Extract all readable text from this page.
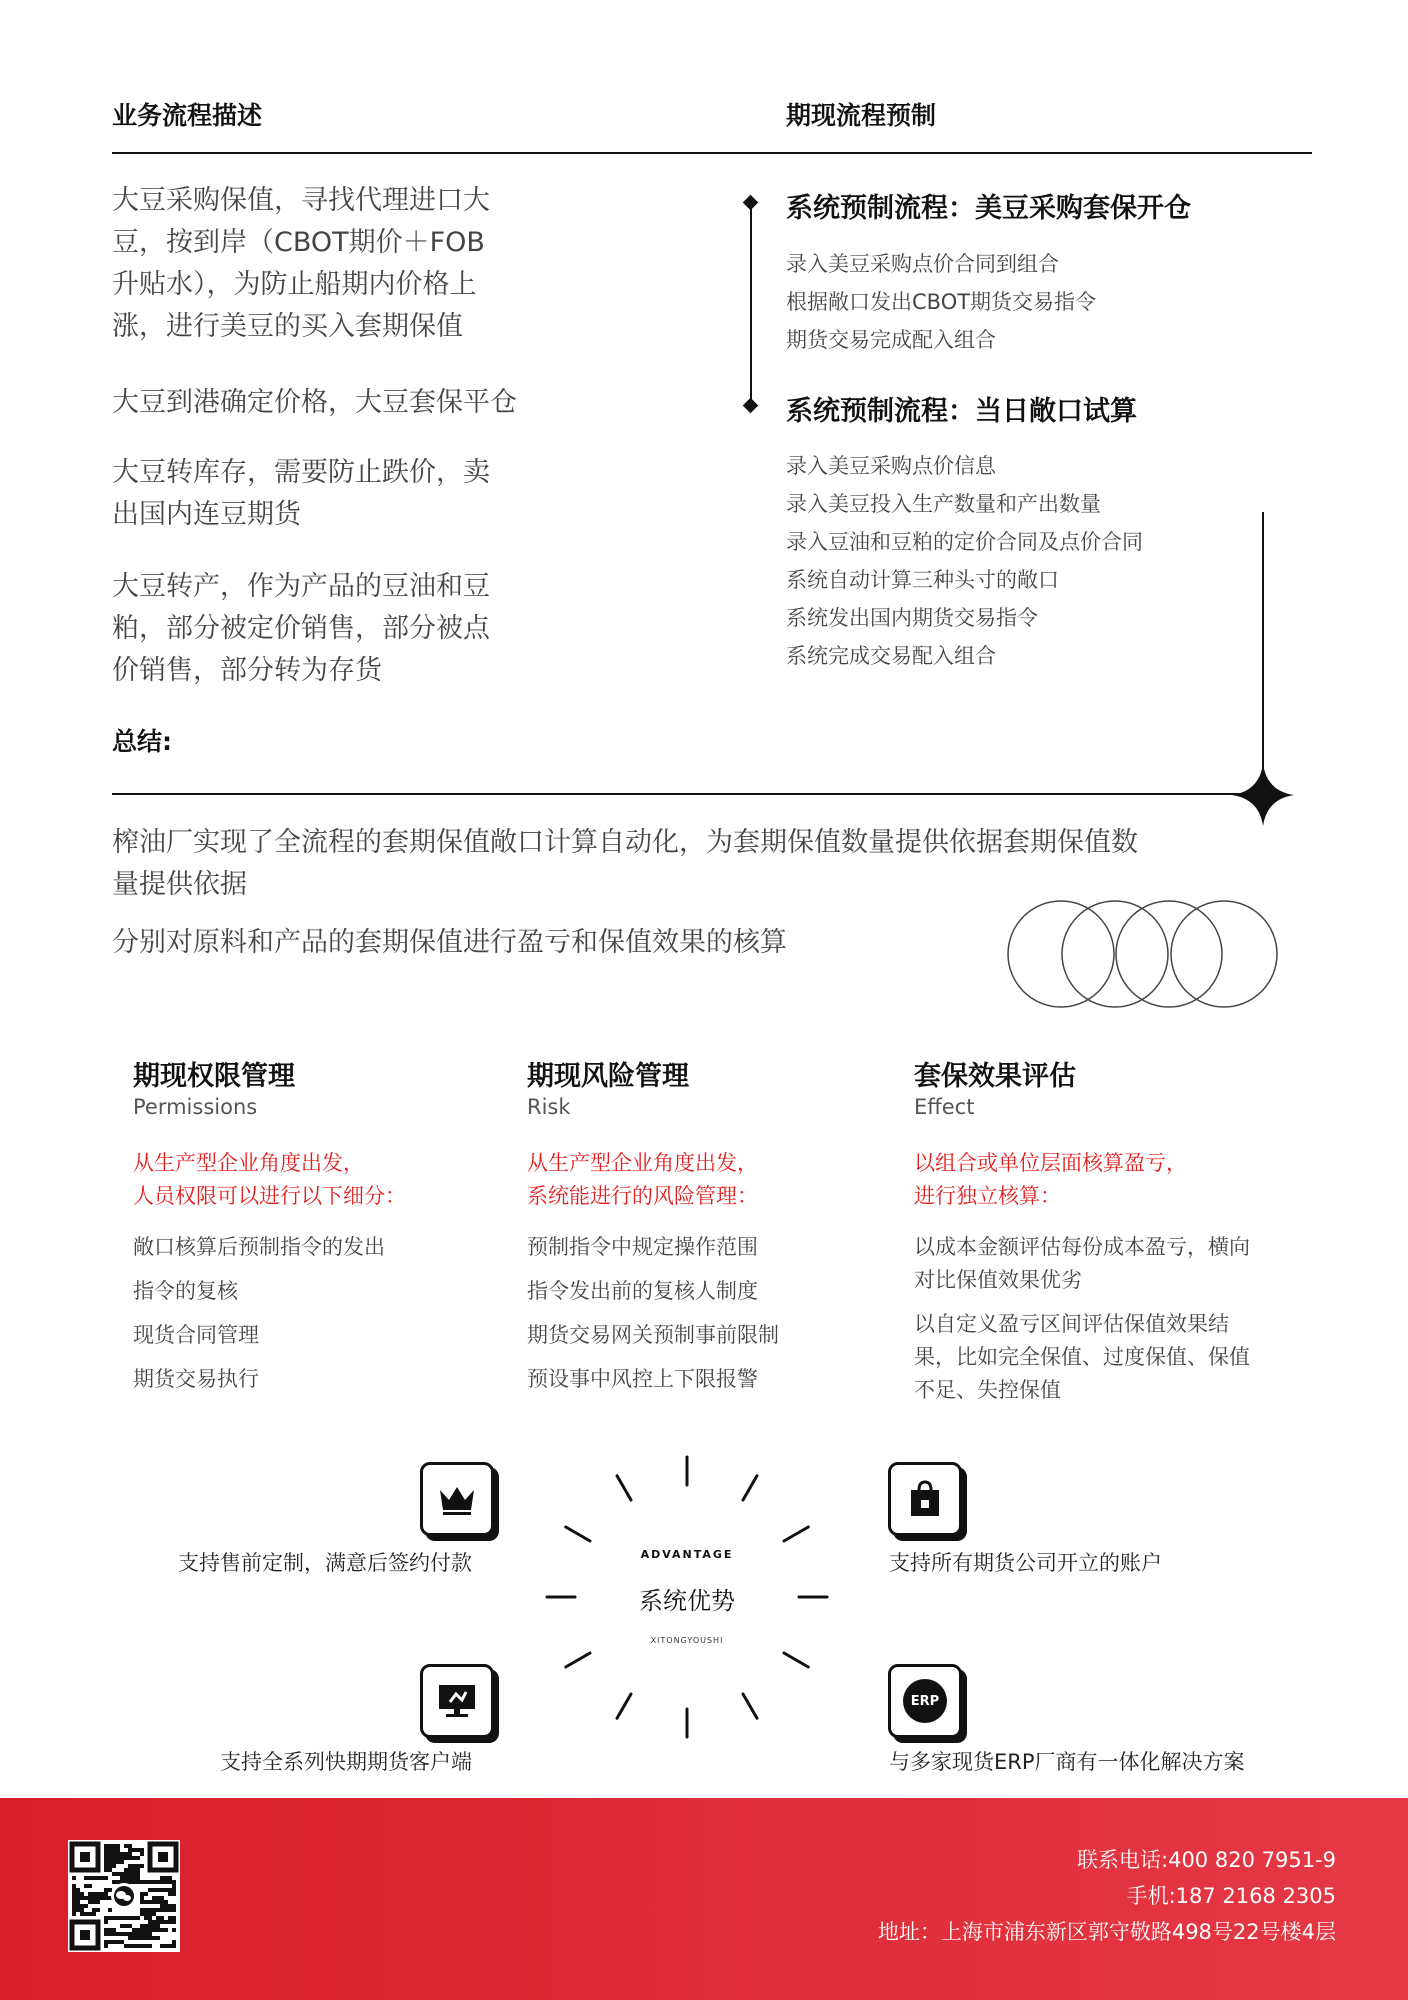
业务流程描述	期现流程预制
大豆采购保值，寻找代理进口大
豆，按到岸（CBOT期价＋FOB
升贴水），为防止船期内价格上
涨，进行美豆的买入套期保值
大豆到港确定价格，大豆套保平仓
大豆转库存，需要防止跌价，卖
出国内连豆期货
大豆转产，作为产品的豆油和豆
粕，部分被定价销售，部分被点
价销售，部分转为存货
系统预制流程：美豆采购套保开仓
录入美豆采购点价合同到组合
根据敞口发出CBOT期货交易指令
期货交易完成配入组合
系统预制流程：当日敞口试算
录入美豆采购点价信息
录入美豆投入生产数量和产出数量
录入豆油和豆粕的定价合同及点价合同
系统自动计算三种头寸的敞口
系统发出国内期货交易指令
系统完成交易配入组合
总结:
榨油厂实现了全流程的套期保值敞口计算自动化，为套期保值数量提供依据套期保值数
量提供依据
分别对原料和产品的套期保值进行盈亏和保值效果的核算
期现权限管理
Permissions
从生产型企业角度出发，
人员权限可以进行以下细分：
敞口核算后预制指令的发出
指令的复核
现货合同管理
期货交易执行
期现风险管理
Risk
从生产型企业角度出发，
系统能进行的风险管理：
预制指令中规定操作范围
指令发出前的复核人制度
期货交易网关预制事前限制
预设事中风控上下限报警
套保效果评估
Effect
以组合或单位层面核算盈亏，
进行独立核算：
以成本金额评估每份成本盈亏，横向对比保值效果优劣
以自定义盈亏区间评估保值效果结果，比如完全保值、过度保值、保值不足、失控保值
ADVANTAGE
系统优势
XITONGYOUSHI
支持售前定制，满意后签约付款	支持所有期货公司开立的账户
支持全系列快期期货客户端
ERP
与多家现货ERP厂商有一体化解决方案
联系电话:400 820 7951-9
手机:187 2168 2305
地址：上海市浦东新区郭守敬路498号22号楼4层
